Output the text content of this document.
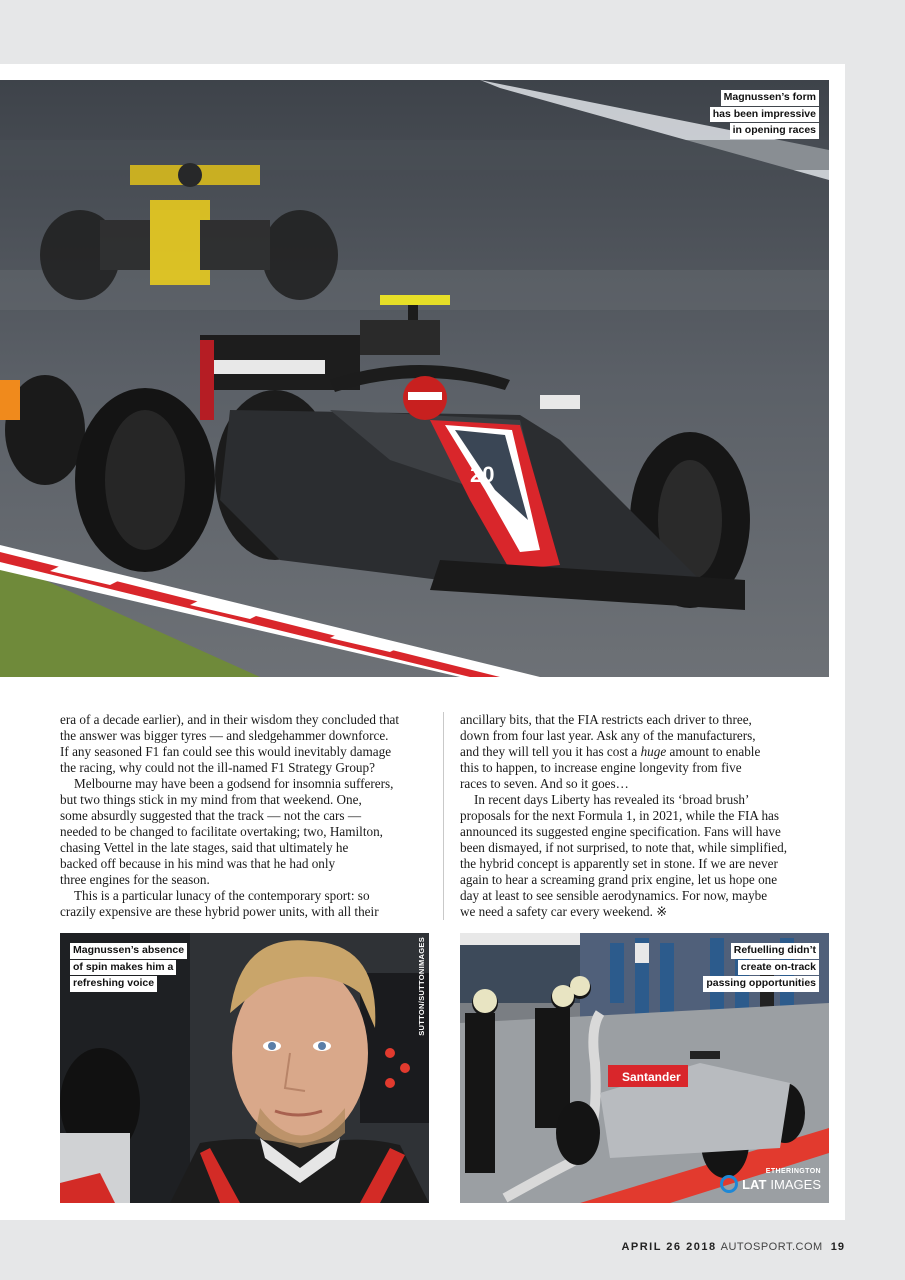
20
Magnussen’s form
has been impressive
in opening races

era of a decade earlier), and in their wisdom they concluded that

the answer was bigger tyres — and sledgehammer downforce.

If any seasoned F1 fan could see this would inevitably damage

the racing, why could not the ill-named F1 Strategy Group?

Melbourne may have been a godsend for insomnia sufferers,

but two things stick in my mind from that weekend. One,

some absurdly suggested that the track — not the cars —

needed to be changed to facilitate overtaking; two, Hamilton,

chasing Vettel in the late stages, said that ultimately he

backed off because in his mind was that he had only

three engines for the season.

This is a particular lunacy of the contemporary sport: so

crazily expensive are these hybrid power units, with all their

ancillary bits, that the FIA restricts each driver to three,

down from four last year. Ask any of the manufacturers,

and they will tell you it has cost a huge amount to enable

this to happen, to increase engine longevity from five

races to seven. And so it goes…

In recent days Liberty has revealed its ‘broad brush’

proposals for the next Formula 1, in 2021, while the FIA has

announced its suggested engine specification. Fans will have

been dismayed, if not surprised, to note that, while simplified,

the hybrid concept is apparently set in stone. If we are never

again to hear a screaming grand prix engine, let us hope one

day at least to see sensible aerodynamics. For now, maybe

we need a safety car every weekend. ※

Magnussen’s absence
of spin makes him a
refreshing voice	SUTTON/SUTTONIMAGES
Santander
Refuelling didn’t
create on-track
passing opportunities
ETHERINGTON
LAT IMAGES
APRIL 26 2018 AUTOSPORT.COM 19
